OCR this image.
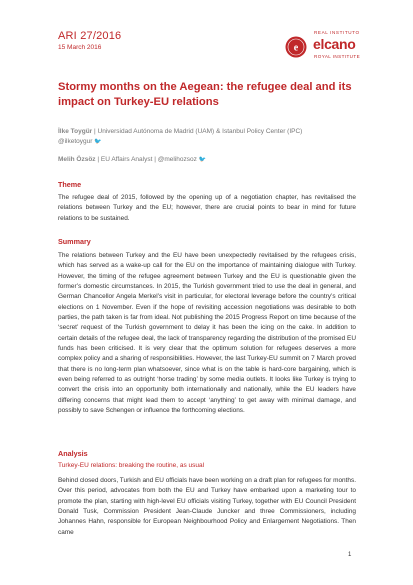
ARI 27/2016
15 March 2016	e
REAL INSTITUTO
elcano
ROYAL INSTITUTE
Stormy months on the Aegean: the refugee deal and its impact on Turkey-EU relations
İlke Toygür | Universidad Autónoma de Madrid (UAM) & Istanbul Policy Center (IPC)
@ilketoygur 🐦
Melih Özsöz | EU Affairs Analyst | @melihozsoz 🐦
Theme

The refugee deal of 2015, followed by the opening up of a negotiation chapter, has revitalised the relations between Turkey and the EU; however, there are crucial points to bear in mind for future relations to be sustained.

Summary

The relations between Turkey and the EU have been unexpectedly revitalised by the refugees crisis, which has served as a wake-up call for the EU on the importance of maintaining dialogue with Turkey. However, the timing of the refugee agreement between Turkey and the EU is questionable given the former’s domestic circumstances. In 2015, the Turkish government tried to use the deal in general, and German Chancellor Angela Merkel’s visit in particular, for electoral leverage before the country’s critical elections on 1 November. Even if the hope of revisiting accession negotiations was desirable to both parties, the path taken is far from ideal. Not publishing the 2015 Progress Report on time because of the ‘secret’ request of the Turkish government to delay it has been the icing on the cake. In addition to certain details of the refugee deal, the lack of transparency regarding the distribution of the promised EU funds has been criticised. It is very clear that the optimum solution for refugees deserves a more complex policy and a sharing of responsibilities. However, the last Turkey-EU summit on 7 March proved that there is no long-term plan whatsoever, since what is on the table is hard-core bargaining, which is even being referred to as outright ‘horse trading’ by some media outlets. It looks like Turkey is trying to convert the crisis into an opportunity both internationally and nationally, while the EU leaders have differing concerns that might lead them to accept ‘anything’ to get away with minimal damage, and possibly to save Schengen or influence the forthcoming elections.

Analysis
Turkey-EU relations: breaking the routine, as usual

Behind closed doors, Turkish and EU officials have been working on a draft plan for refugees for months. Over this period, advocates from both the EU and Turkey have embarked upon a marketing tour to promote the plan, starting with high-level EU officials visiting Turkey, together with EU Council President Donald Tusk, Commission President Jean-Claude Juncker and three Commissioners, including Johannes Hahn, responsible for European Neighbourhood Policy and Enlargement Negotiations. Then came

1
